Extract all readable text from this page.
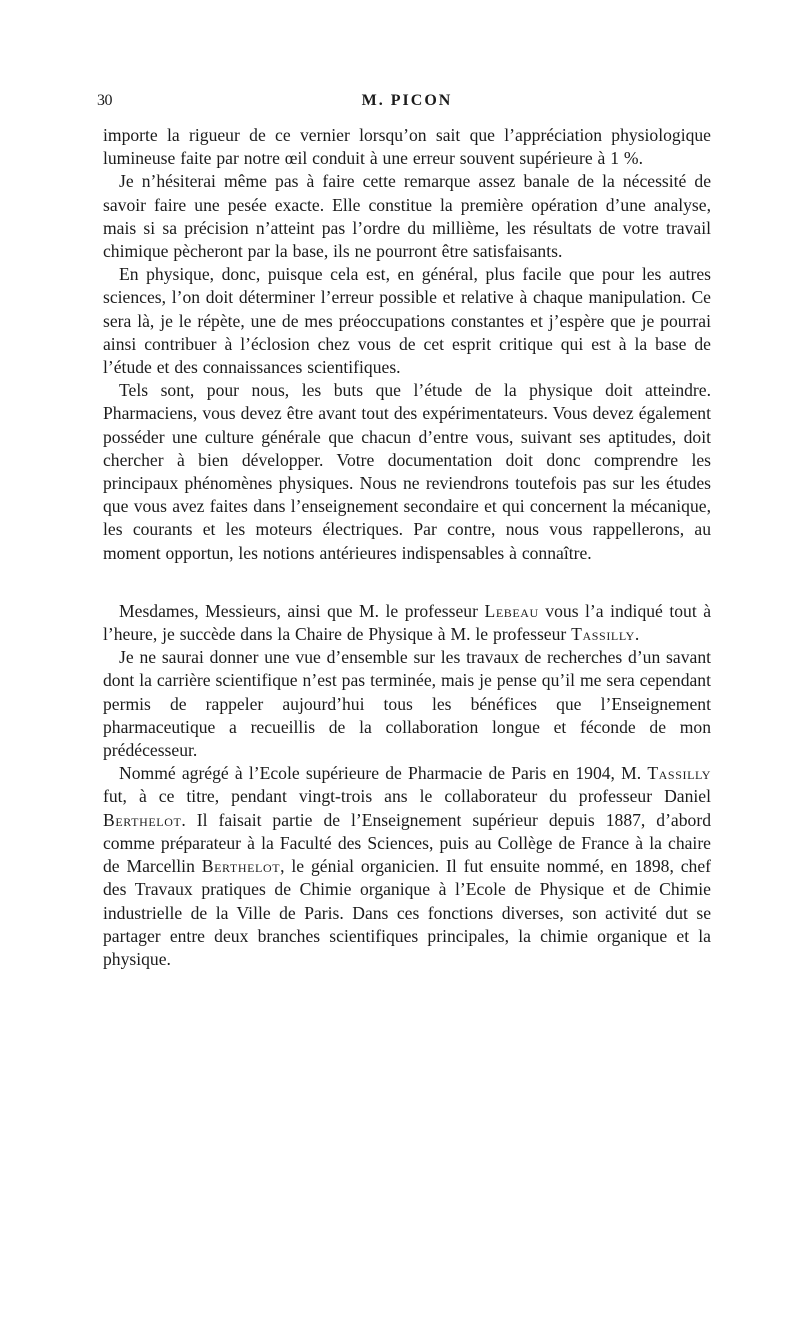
30	M. PICON

importe la rigueur de ce vernier lorsqu’on sait que l’appréciation physiologique lumineuse faite par notre œil conduit à une erreur souvent supérieure à 1 %.

Je n’hésiterai même pas à faire cette remarque assez banale de la nécessité de savoir faire une pesée exacte. Elle constitue la première opération d’une analyse, mais si sa précision n’atteint pas l’ordre du millième, les résultats de votre travail chimique pècheront par la base, ils ne pourront être satisfaisants.

En physique, donc, puisque cela est, en général, plus facile que pour les autres sciences, l’on doit déterminer l’erreur possible et relative à chaque manipulation. Ce sera là, je le répète, une de mes préoccupations constantes et j’espère que je pourrai ainsi contribuer à l’éclosion chez vous de cet esprit critique qui est à la base de l’étude et des connaissances scientifiques.

Tels sont, pour nous, les buts que l’étude de la physique doit atteindre. Pharmaciens, vous devez être avant tout des expérimentateurs. Vous devez également posséder une culture générale que chacun d’entre vous, suivant ses aptitudes, doit chercher à bien développer. Votre documentation doit donc comprendre les principaux phénomènes physiques. Nous ne reviendrons toutefois pas sur les études que vous avez faites dans l’enseignement secondaire et qui concernent la mécanique, les courants et les moteurs électriques. Par contre, nous vous rappellerons, au moment opportun, les notions antérieures indispensables à connaître.

Mesdames, Messieurs, ainsi que M. le professeur Lebeau vous l’a indiqué tout à l’heure, je succède dans la Chaire de Physique à M. le professeur Tassilly.

Je ne saurai donner une vue d’ensemble sur les travaux de recherches d’un savant dont la carrière scientifique n’est pas terminée, mais je pense qu’il me sera cependant permis de rappeler aujourd’hui tous les bénéfices que l’Enseignement pharmaceutique a recueillis de la collaboration longue et féconde de mon prédécesseur.

Nommé agrégé à l’Ecole supérieure de Pharmacie de Paris en 1904, M. Tassilly fut, à ce titre, pendant vingt-trois ans le collaborateur du professeur Daniel Berthelot. Il faisait partie de l’Enseignement supérieur depuis 1887, d’abord comme préparateur à la Faculté des Sciences, puis au Collège de France à la chaire de Marcellin Berthelot, le génial organicien. Il fut ensuite nommé, en 1898, chef des Travaux pratiques de Chimie organique à l’Ecole de Physique et de Chimie industrielle de la Ville de Paris. Dans ces fonctions diverses, son activité dut se partager entre deux branches scientifiques principales, la chimie organique et la physique.
